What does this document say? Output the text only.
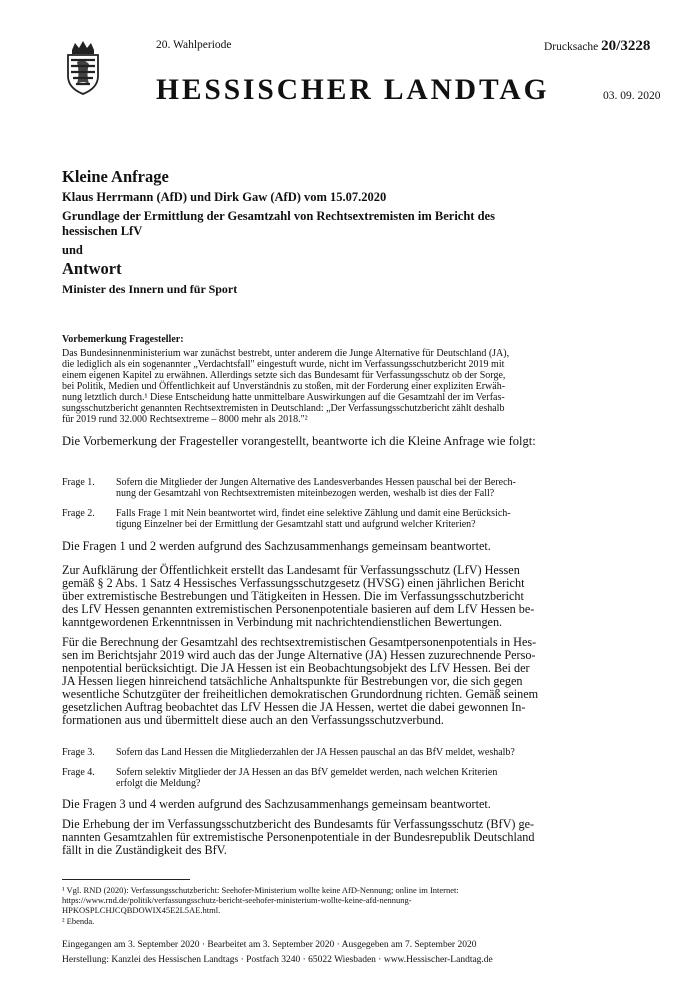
20. Wahlperiode	Drucksache 20/3228
HESSISCHER LANDTAG	03. 09. 2020
Kleine Anfrage
Klaus Herrmann (AfD) und Dirk Gaw (AfD) vom 15.07.2020
Grundlage der Ermittlung der Gesamtzahl von Rechtsextremisten im Bericht des
hessischen LfV
und
Antwort
Minister des Innern und für Sport
Vorbemerkung Fragesteller:
Das Bundesinnenministerium war zunächst bestrebt, unter anderem die Junge Alternative für Deutschland (JA),
die lediglich als ein sogenannter „Verdachtsfall" eingestuft wurde, nicht im Verfassungsschutzbericht 2019 mit
einem eigenen Kapitel zu erwähnen. Allerdings setzte sich das Bundesamt für Verfassungsschutz ob der Sorge,
bei Politik, Medien und Öffentlichkeit auf Unverständnis zu stoßen, mit der Forderung einer expliziten Erwäh-
nung letztlich durch.¹ Diese Entscheidung hatte unmittelbare Auswirkungen auf die Gesamtzahl der im Verfas-
sungsschutzbericht genannten Rechtsextremisten in Deutschland: „Der Verfassungsschutzbericht zählt deshalb
für 2019 rund 32.000 Rechtsextreme – 8000 mehr als 2018."²
Die Vorbemerkung der Fragesteller vorangestellt, beantworte ich die Kleine Anfrage wie folgt:
Frage 1. Sofern die Mitglieder der Jungen Alternative des Landesverbandes Hessen pauschal bei der Berech-
nung der Gesamtzahl von Rechtsextremisten miteinbezogen werden, weshalb ist dies der Fall?
Frage 2. Falls Frage 1 mit Nein beantwortet wird, findet eine selektive Zählung und damit eine Berücksich-
tigung Einzelner bei der Ermittlung der Gesamtzahl statt und aufgrund welcher Kriterien?
Die Fragen 1 und 2 werden aufgrund des Sachzusammenhangs gemeinsam beantwortet.
Zur Aufklärung der Öffentlichkeit erstellt das Landesamt für Verfassungsschutz (LfV) Hessen
gemäß § 2 Abs. 1 Satz 4 Hessisches Verfassungsschutzgesetz (HVSG) einen jährlichen Bericht
über extremistische Bestrebungen und Tätigkeiten in Hessen. Die im Verfassungsschutzbericht
des LfV Hessen genannten extremistischen Personenpotentiale basieren auf dem LfV Hessen be-
kanntgewordenen Erkenntnissen in Verbindung mit nachrichtendienstlichen Bewertungen.
Für die Berechnung der Gesamtzahl des rechtsextremistischen Gesamtpersonenpotentials in Hes-
sen im Berichtsjahr 2019 wird auch das der Junge Alternative (JA) Hessen zuzurechnende Perso-
nenpotential berücksichtigt. Die JA Hessen ist ein Beobachtungsobjekt des LfV Hessen. Bei der
JA Hessen liegen hinreichend tatsächliche Anhaltspunkte für Bestrebungen vor, die sich gegen
wesentliche Schutzgüter der freiheitlichen demokratischen Grundordnung richten. Gemäß seinem
gesetzlichen Auftrag beobachtet das LfV Hessen die JA Hessen, wertet die dabei gewonnen In-
formationen aus und übermittelt diese auch an den Verfassungsschutzverbund.
Frage 3. Sofern das Land Hessen die Mitgliederzahlen der JA Hessen pauschal an das BfV meldet, weshalb?
Frage 4. Sofern selektiv Mitglieder der JA Hessen an das BfV gemeldet werden, nach welchen Kriterien
erfolgt die Meldung?
Die Fragen 3 und 4 werden aufgrund des Sachzusammenhangs gemeinsam beantwortet.
Die Erhebung der im Verfassungsschutzbericht des Bundesamts für Verfassungsschutz (BfV) ge-
nannten Gesamtzahlen für extremistische Personenpotentiale in der Bundesrepublik Deutschland
fällt in die Zuständigkeit des BfV.
¹ Vgl. RND (2020): Verfassungsschutzbericht: Seehofer-Ministerium wollte keine AfD-Nennung; online im Internet:
https://www.rnd.de/politik/verfassungsschutz-bericht-seehofer-ministerium-wollte-keine-afd-nennung-
HPKOSPLCHJCQBDOWIX45E2L5AE.html.
² Ebenda.
Eingegangen am 3. September 2020 · Bearbeitet am 3. September 2020 · Ausgegeben am 7. September 2020
Herstellung: Kanzlei des Hessischen Landtags · Postfach 3240 · 65022 Wiesbaden · www.Hessischer-Landtag.de
